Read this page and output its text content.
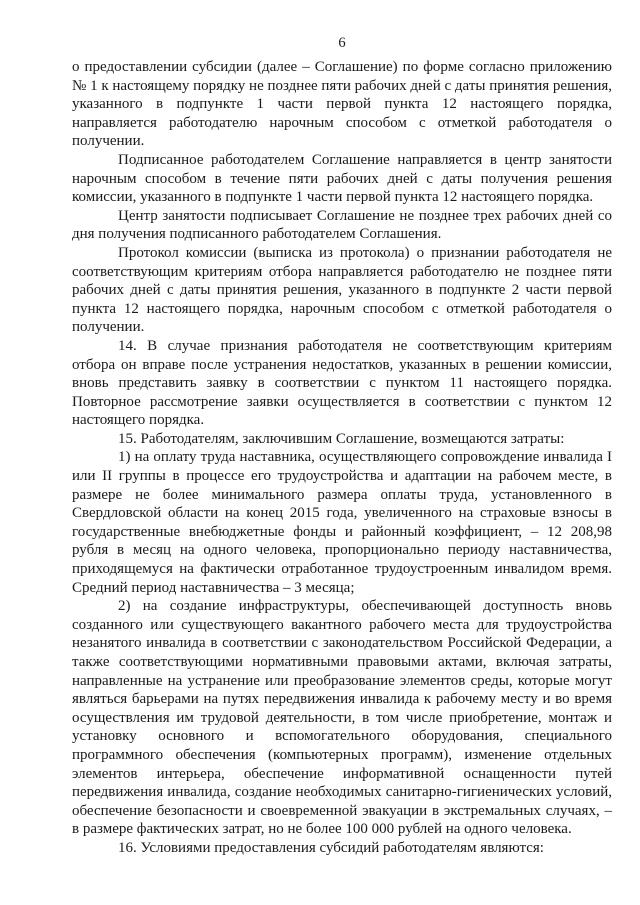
6

о предоставлении субсидии (далее – Соглашение) по форме согласно приложению № 1 к настоящему порядку не позднее пяти рабочих дней с даты принятия решения, указанного в подпункте 1 части первой пункта 12 настоящего порядка, направляется работодателю нарочным способом с отметкой работодателя о получении.

Подписанное работодателем Соглашение направляется в центр занятости нарочным способом в течение пяти рабочих дней с даты получения решения комиссии, указанного в подпункте 1 части первой пункта 12 настоящего порядка.

Центр занятости подписывает Соглашение не позднее трех рабочих дней со дня получения подписанного работодателем Соглашения.

Протокол комиссии (выписка из протокола) о признании работодателя не соответствующим критериям отбора направляется работодателю не позднее пяти рабочих дней с даты принятия решения, указанного в подпункте 2 части первой пункта 12 настоящего порядка, нарочным способом с отметкой работодателя о получении.

14. В случае признания работодателя не соответствующим критериям отбора он вправе после устранения недостатков, указанных в решении комиссии, вновь представить заявку в соответствии с пунктом 11 настоящего порядка. Повторное рассмотрение заявки осуществляется в соответствии с пунктом 12 настоящего порядка.

15. Работодателям, заключившим Соглашение, возмещаются затраты:

1) на оплату труда наставника, осуществляющего сопровождение инвалида I или II группы в процессе его трудоустройства и адаптации на рабочем месте, в размере не более минимального размера оплаты труда, установленного в Свердловской области на конец 2015 года, увеличенного на страховые взносы в государственные внебюджетные фонды и районный коэффициент, – 12 208,98 рубля в месяц на одного человека, пропорционально периоду наставничества, приходящемуся на фактически отработанное трудоустроенным инвалидом время. Средний период наставничества – 3 месяца;

2) на создание инфраструктуры, обеспечивающей доступность вновь созданного или существующего вакантного рабочего места для трудоустройства незанятого инвалида в соответствии с законодательством Российской Федерации, а также соответствующими нормативными правовыми актами, включая затраты, направленные на устранение или преобразование элементов среды, которые могут являться барьерами на путях передвижения инвалида к рабочему месту и во время осуществления им трудовой деятельности, в том числе приобретение, монтаж и установку основного и вспомогательного оборудования, специального программного обеспечения (компьютерных программ), изменение отдельных элементов интерьера, обеспечение информативной оснащенности путей передвижения инвалида, создание необходимых санитарно-гигиенических условий, обеспечение безопасности и своевременной эвакуации в экстремальных случаях, – в размере фактических затрат, но не более 100 000 рублей на одного человека.

16. Условиями предоставления субсидий работодателям являются:
